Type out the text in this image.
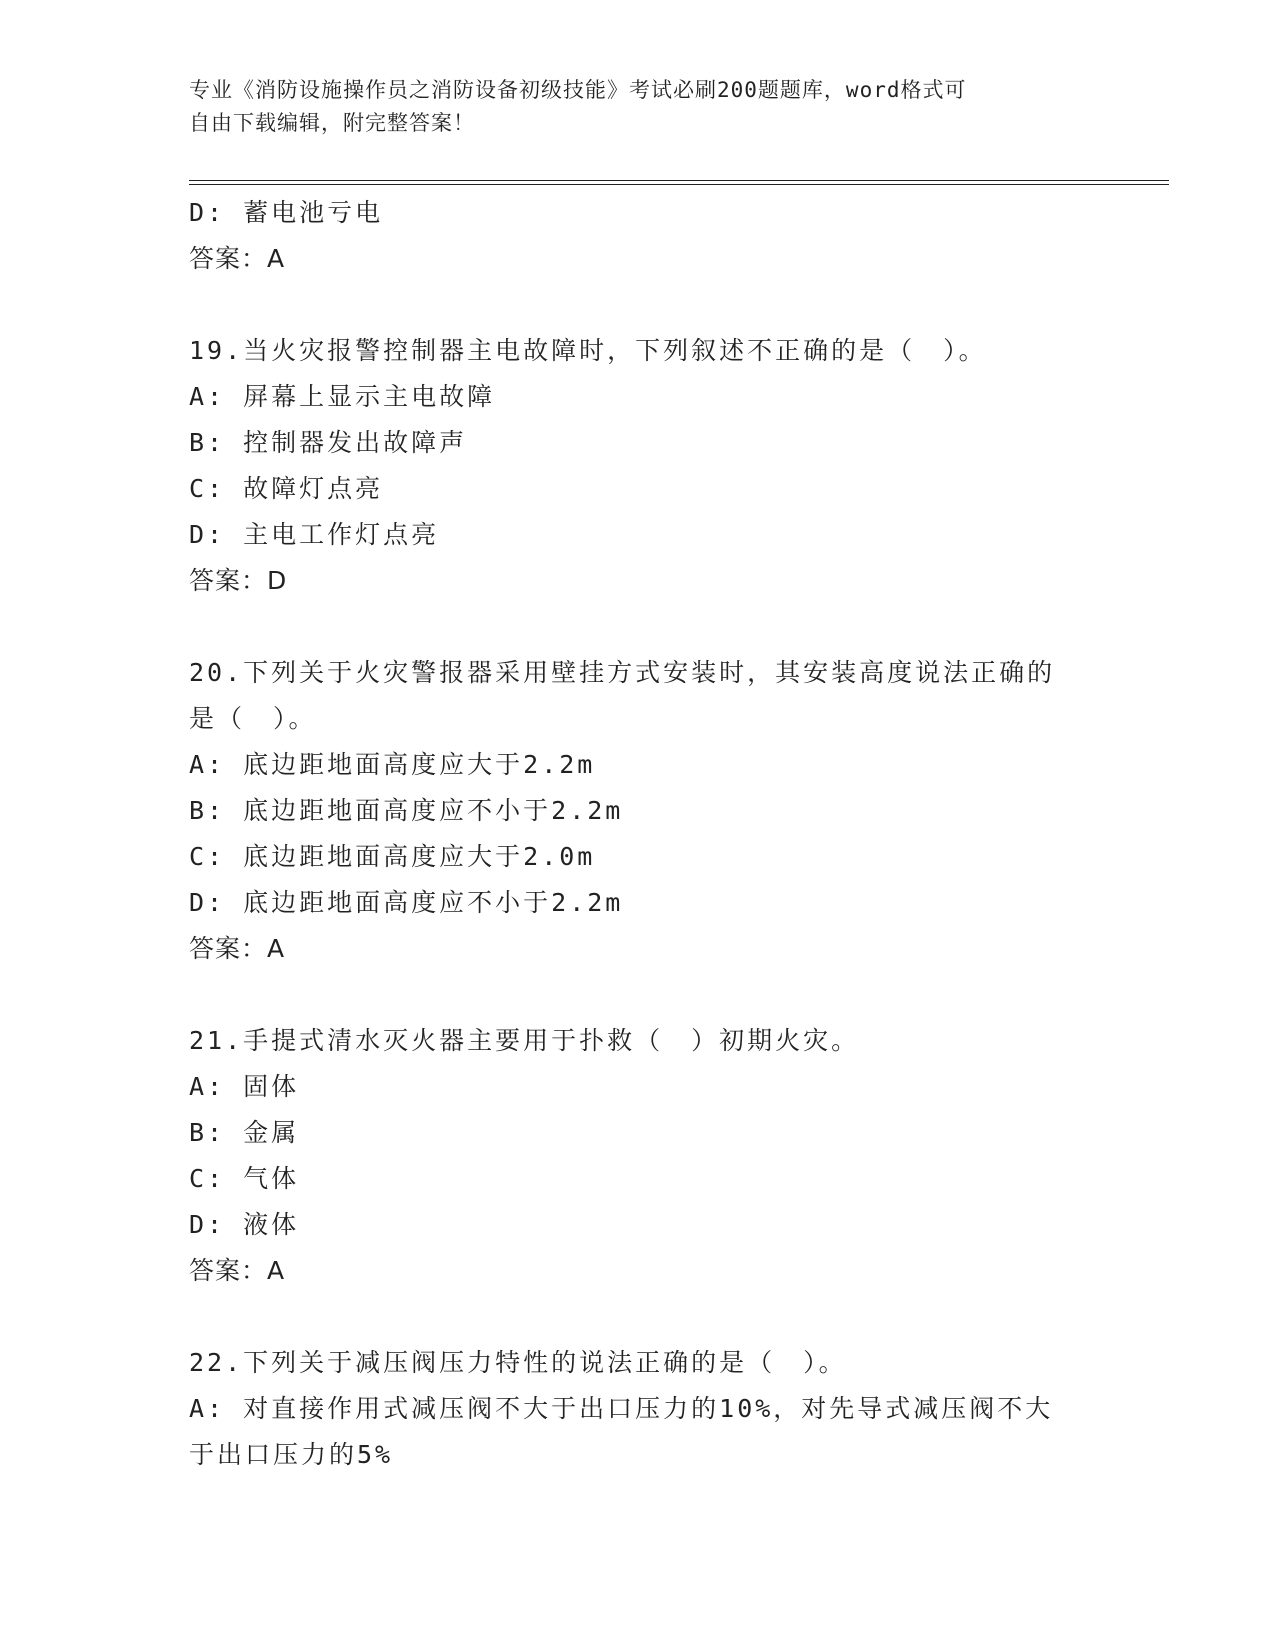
专业《消防设施操作员之消防设备初级技能》考试必刷200题题库，word格式可
自由下载编辑，附完整答案！
D: 蓄电池亏电
答案：A
19.当火灾报警控制器主电故障时，下列叙述不正确的是（　）。
A: 屏幕上显示主电故障
B: 控制器发出故障声
C: 故障灯点亮
D: 主电工作灯点亮
答案：D
20.下列关于火灾警报器采用壁挂方式安装时，其安装高度说法正确的
是（　）。
A: 底边距地面高度应大于2.2m
B: 底边距地面高度应不小于2.2m
C: 底边距地面高度应大于2.0m
D: 底边距地面高度应不小于2.2m
答案：A
21.手提式清水灭火器主要用于扑救（　）初期火灾。
A: 固体
B: 金属
C: 气体
D: 液体
答案：A
22.下列关于减压阀压力特性的说法正确的是（　）。
A: 对直接作用式减压阀不大于出口压力的10%，对先导式减压阀不大
于出口压力的5%
